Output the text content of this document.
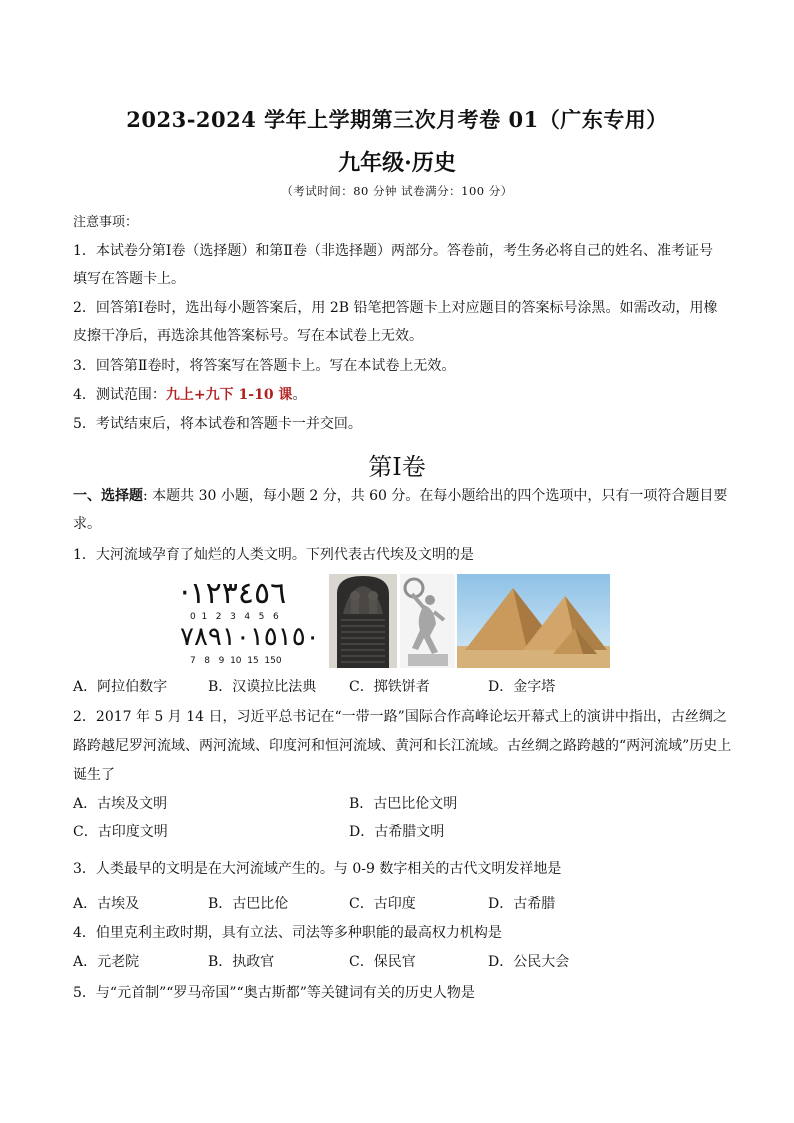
2023-2024 学年上学期第三次月考卷 01（广东专用）
九年级·历史
（考试时间：80 分钟 试卷满分：100 分）
注意事项：
1．本试卷分第Ⅰ卷（选择题）和第Ⅱ卷（非选择题）两部分。答卷前，考生务必将自己的姓名、准考证号
填写在答题卡上。
2．回答第Ⅰ卷时，选出每小题答案后，用 2B 铅笔把答题卡上对应题目的答案标号涂黑。如需改动，用橡
皮擦干净后，再选涂其他答案标号。写在本试卷上无效。
3．回答第Ⅱ卷时，将答案写在答题卡上。写在本试卷上无效。
4．测试范围：九上+九下 1-10 课。
5．考试结束后，将本试卷和答题卡一并交回。
第Ⅰ卷
一、选择题: 本题共 30 小题，每小题 2 分，共 60 分。在每小题给出的四个选项中，只有一项符合题目要
求。
1．大河流域孕育了灿烂的人类文明。下列代表古代埃及文明的是
·١٢٣٤٥٦
0  1   2   3   4   5   6
٧٨٩١٠١٥١٥٠
7   8   9  10  15  150
A．阿拉伯数字	B．汉谟拉比法典 C．掷铁饼者	D．金字塔
2．2017 年 5 月 14 日，习近平总书记在“一带一路”国际合作高峰论坛开幕式上的演讲中指出，古丝绸之
路跨越尼罗河流域、两河流域、印度河和恒河流域、黄河和长江流域。古丝绸之路跨越的“两河流域”历史上
诞生了
A．古埃及文明	B．古巴比伦文明
C．古印度文明	D．古希腊文明
3．人类最早的文明是在大河流域产生的。与 0-9 数字相关的古代文明发祥地是
A．古埃及	B．古巴比伦	C．古印度	D．古希腊
4．伯里克利主政时期，具有立法、司法等多种职能的最高权力机构是
A．元老院	B．执政官	C．保民官	D．公民大会
5．与“元首制”“罗马帝国”“奥古斯都”等关键词有关的历史人物是
